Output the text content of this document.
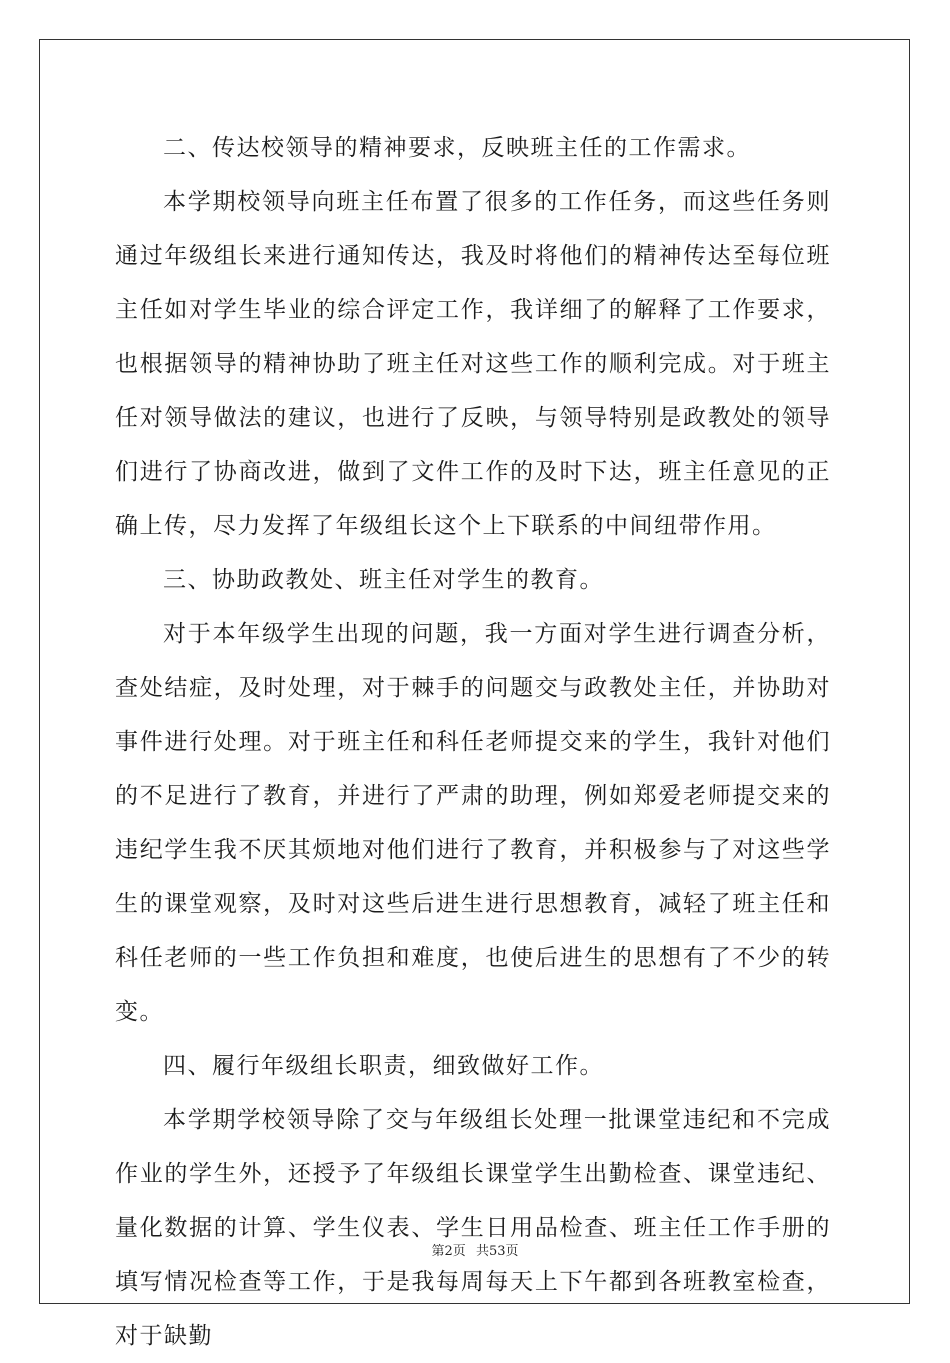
二、传达校领导的精神要求，反映班主任的工作需求。

本学期校领导向班主任布置了很多的工作任务，而这些任务则通过年级组长来进行通知传达，我及时将他们的精神传达至每位班主任如对学生毕业的综合评定工作，我详细了的解释了工作要求，也根据领导的精神协助了班主任对这些工作的顺利完成。对于班主任对领导做法的建议，也进行了反映，与领导特别是政教处的领导们进行了协商改进，做到了文件工作的及时下达，班主任意见的正确上传，尽力发挥了年级组长这个上下联系的中间纽带作用。

三、协助政教处、班主任对学生的教育。

对于本年级学生出现的问题，我一方面对学生进行调查分析，查处结症，及时处理，对于棘手的问题交与政教处主任，并协助对事件进行处理。对于班主任和科任老师提交来的学生，我针对他们的不足进行了教育，并进行了严肃的助理，例如郑爱老师提交来的违纪学生我不厌其烦地对他们进行了教育，并积极参与了对这些学生的课堂观察，及时对这些后进生进行思想教育，减轻了班主任和科任老师的一些工作负担和难度，也使后进生的思想有了不少的转变。

四、履行年级组长职责，细致做好工作。

本学期学校领导除了交与年级组长处理一批课堂违纪和不完成作业的学生外，还授予了年级组长课堂学生出勤检查、课堂违纪、量化数据的计算、学生仪表、学生日用品检查、班主任工作手册的填写情况检查等工作，于是我每周每天上下午都到各班教室检查，对于缺勤

第2页 共53页
